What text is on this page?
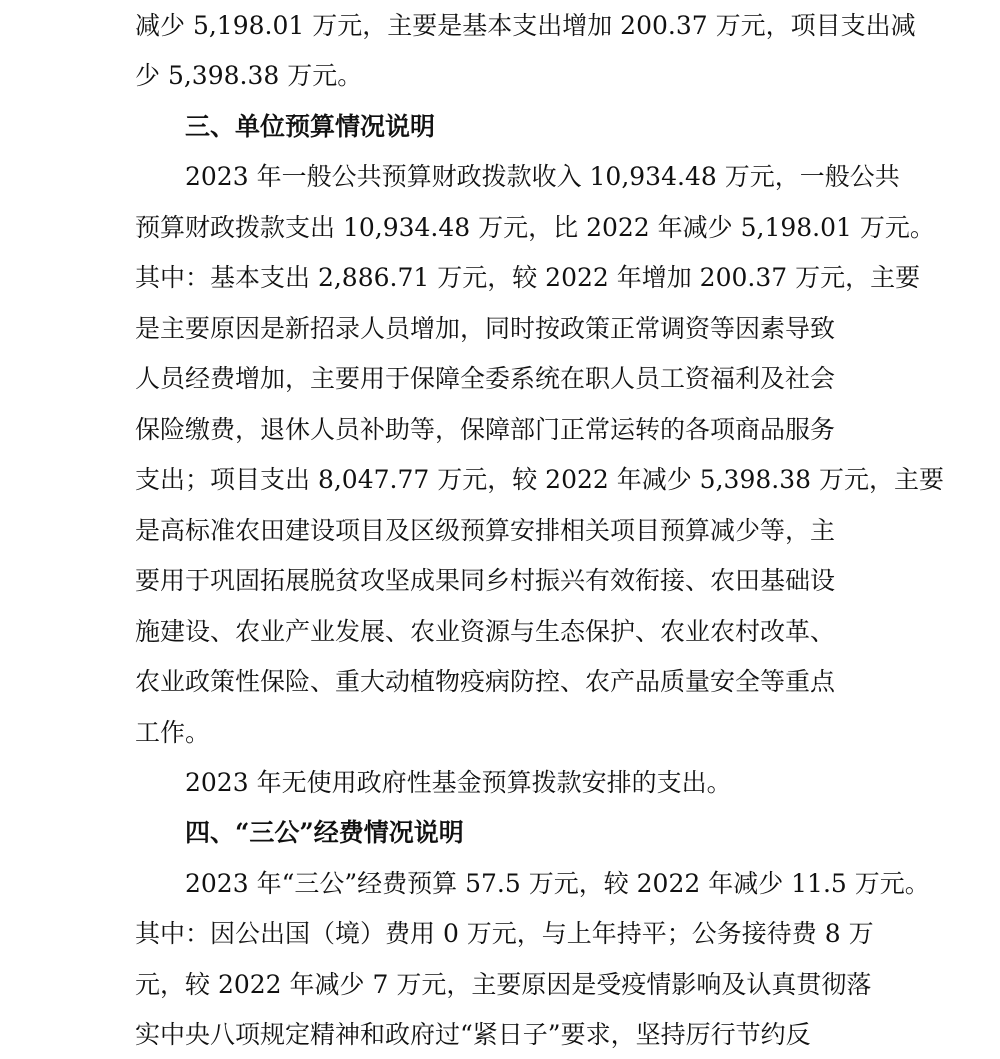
减少 5,198.01 万元，主要是基本支出增加 200.37 万元，项目支出减
少 5,398.38 万元。
三、单位预算情况说明
2023 年一般公共预算财政拨款收入 10,934.48 万元，一般公共
预算财政拨款支出 10,934.48 万元，比 2022 年减少 5,198.01 万元。
其中：基本支出 2,886.71 万元，较 2022 年增加 200.37 万元，主要
是主要原因是新招录人员增加，同时按政策正常调资等因素导致
人员经费增加，主要用于保障全委系统在职人员工资福利及社会
保险缴费，退休人员补助等，保障部门正常运转的各项商品服务
支出；项目支出 8,047.77 万元，较 2022 年减少 5,398.38 万元，主要
是高标准农田建设项目及区级预算安排相关项目预算减少等，主
要用于巩固拓展脱贫攻坚成果同乡村振兴有效衔接、农田基础设
施建设、农业产业发展、农业资源与生态保护、农业农村改革、
农业政策性保险、重大动植物疫病防控、农产品质量安全等重点
工作。
2023 年无使用政府性基金预算拨款安排的支出。
四、“三公”经费情况说明
2023 年“三公”经费预算 57.5 万元，较 2022 年减少 11.5 万元。
其中：因公出国（境）费用 0 万元，与上年持平；公务接待费 8 万
元，较 2022 年减少 7 万元，主要原因是受疫情影响及认真贯彻落
实中央八项规定精神和政府过“紧日子”要求，坚持厉行节约反
